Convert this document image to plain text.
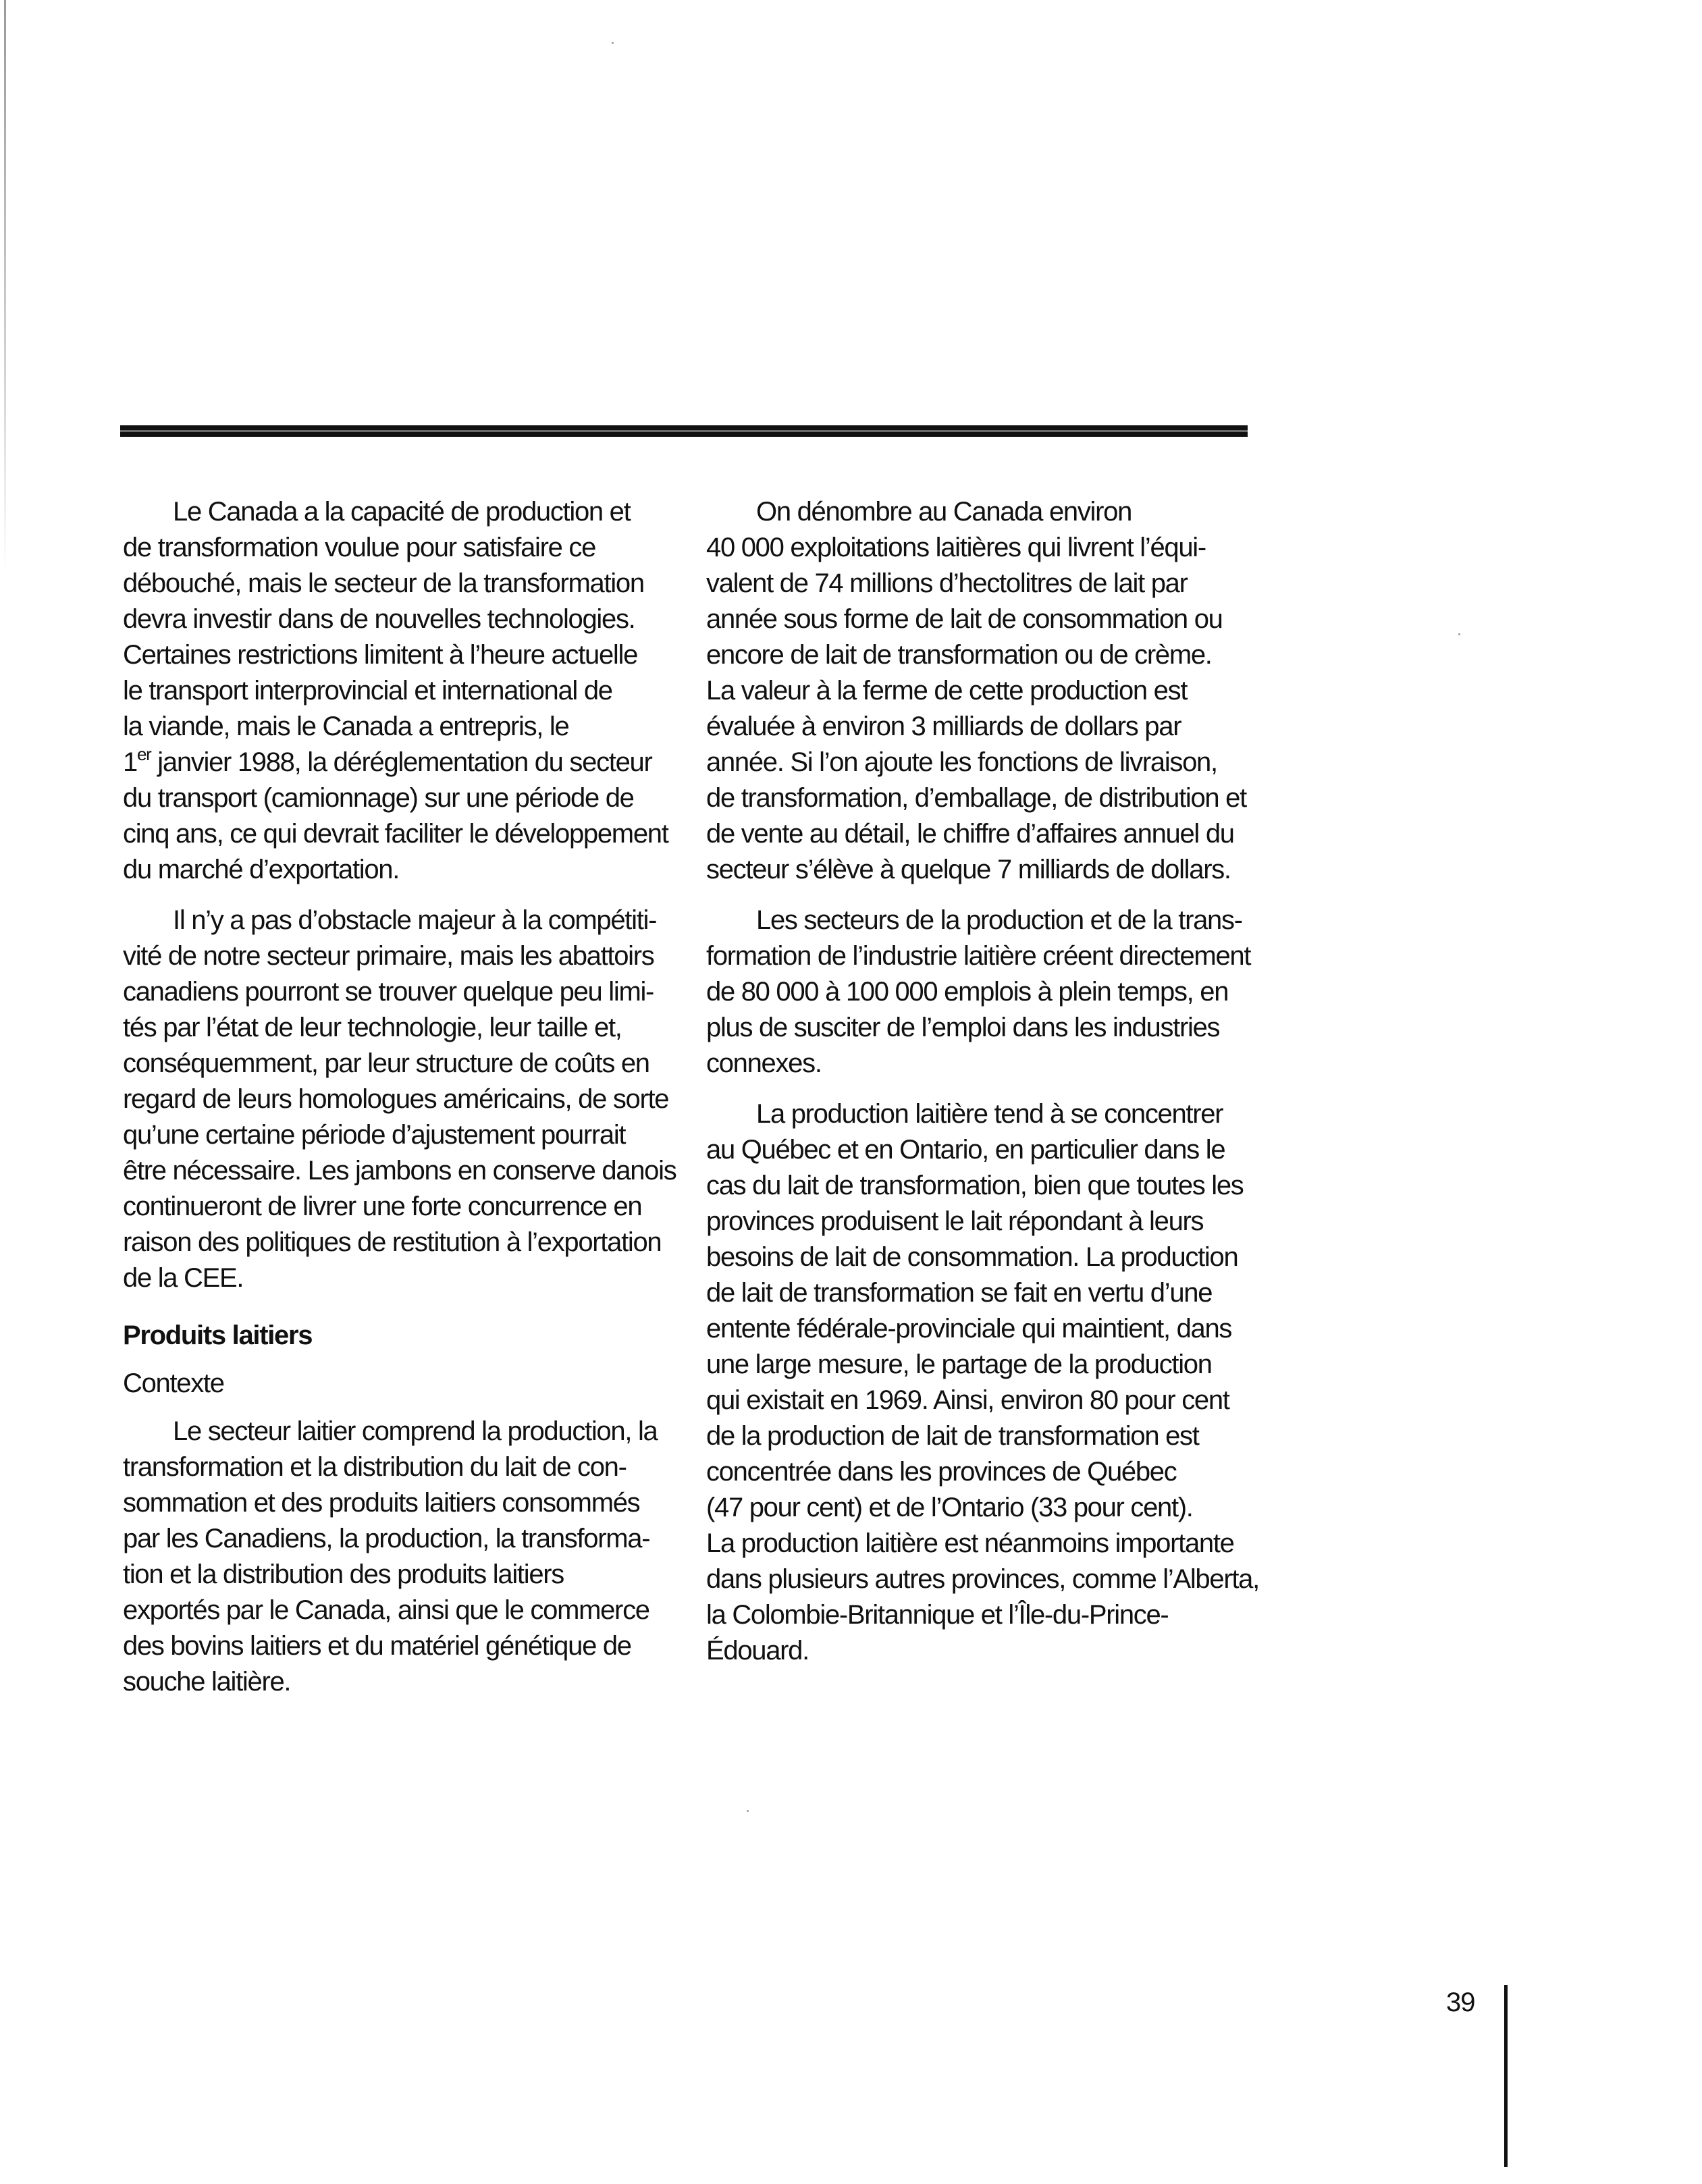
Le Canada a la capacité de production et
de transformation voulue pour satisfaire ce
débouché, mais le secteur de la transformation
devra investir dans de nouvelles technologies.
Certaines restrictions limitent à l’heure actuelle
le transport interprovincial et international de
la viande, mais le Canada a entrepris, le
1er janvier 1988, la déréglementation du secteur
du transport (camionnage) sur une période de
cinq ans, ce qui devrait faciliter le développement
du marché d’exportation.
Il n’y a pas d’obstacle majeur à la compétiti-
vité de notre secteur primaire, mais les abattoirs
canadiens pourront se trouver quelque peu limi-
tés par l’état de leur technologie, leur taille et,
conséquemment, par leur structure de coûts en
regard de leurs homologues américains, de sorte
qu’une certaine période d’ajustement pourrait
être nécessaire. Les jambons en conserve danois
continueront de livrer une forte concurrence en
raison des politiques de restitution à l’exportation
de la CEE.
Produits laitiers
Contexte
Le secteur laitier comprend la production, la
transformation et la distribution du lait de con-
sommation et des produits laitiers consommés
par les Canadiens, la production, la transforma-
tion et la distribution des produits laitiers
exportés par le Canada, ainsi que le commerce
des bovins laitiers et du matériel génétique de
souche laitière.
On dénombre au Canada environ
40 000 exploitations laitières qui livrent l’équi-
valent de 74 millions d’hectolitres de lait par
année sous forme de lait de consommation ou
encore de lait de transformation ou de crème.
La valeur à la ferme de cette production est
évaluée à environ 3 milliards de dollars par
année. Si l’on ajoute les fonctions de livraison,
de transformation, d’emballage, de distribution et
de vente au détail, le chiffre d’affaires annuel du
secteur s’élève à quelque 7 milliards de dollars.
Les secteurs de la production et de la trans-
formation de l’industrie laitière créent directement
de 80 000 à 100 000 emplois à plein temps, en
plus de susciter de l’emploi dans les industries
connexes.
La production laitière tend à se concentrer
au Québec et en Ontario, en particulier dans le
cas du lait de transformation, bien que toutes les
provinces produisent le lait répondant à leurs
besoins de lait de consommation. La production
de lait de transformation se fait en vertu d’une
entente fédérale-provinciale qui maintient, dans
une large mesure, le partage de la production
qui existait en 1969. Ainsi, environ 80 pour cent
de la production de lait de transformation est
concentrée dans les provinces de Québec
(47 pour cent) et de l’Ontario (33 pour cent).
La production laitière est néanmoins importante
dans plusieurs autres provinces, comme l’Alberta,
la Colombie-Britannique et l’Île-du-Prince-
Édouard.
39
